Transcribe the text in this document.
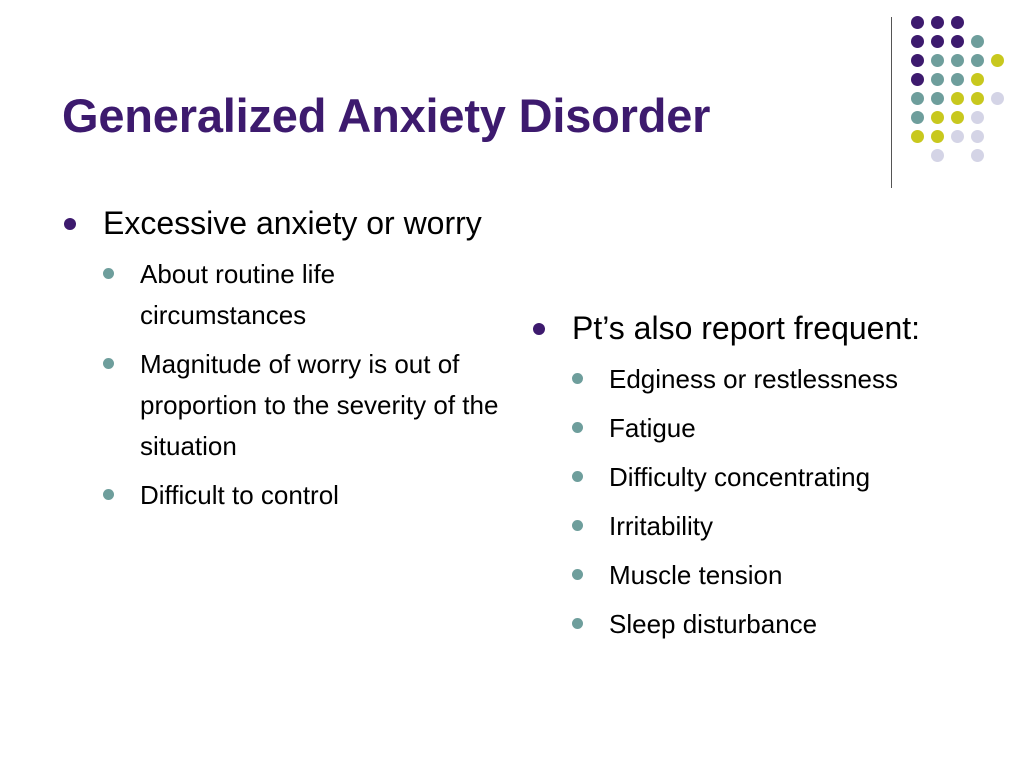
Generalized Anxiety Disorder
Excessive anxiety or worry
About routine life circumstances
Magnitude of worry is out of proportion to the severity of the situation
Difficult to control
Pt’s also report frequent:
Edginess or restlessness
Fatigue
Difficulty concentrating
Irritability
Muscle tension
Sleep disturbance
